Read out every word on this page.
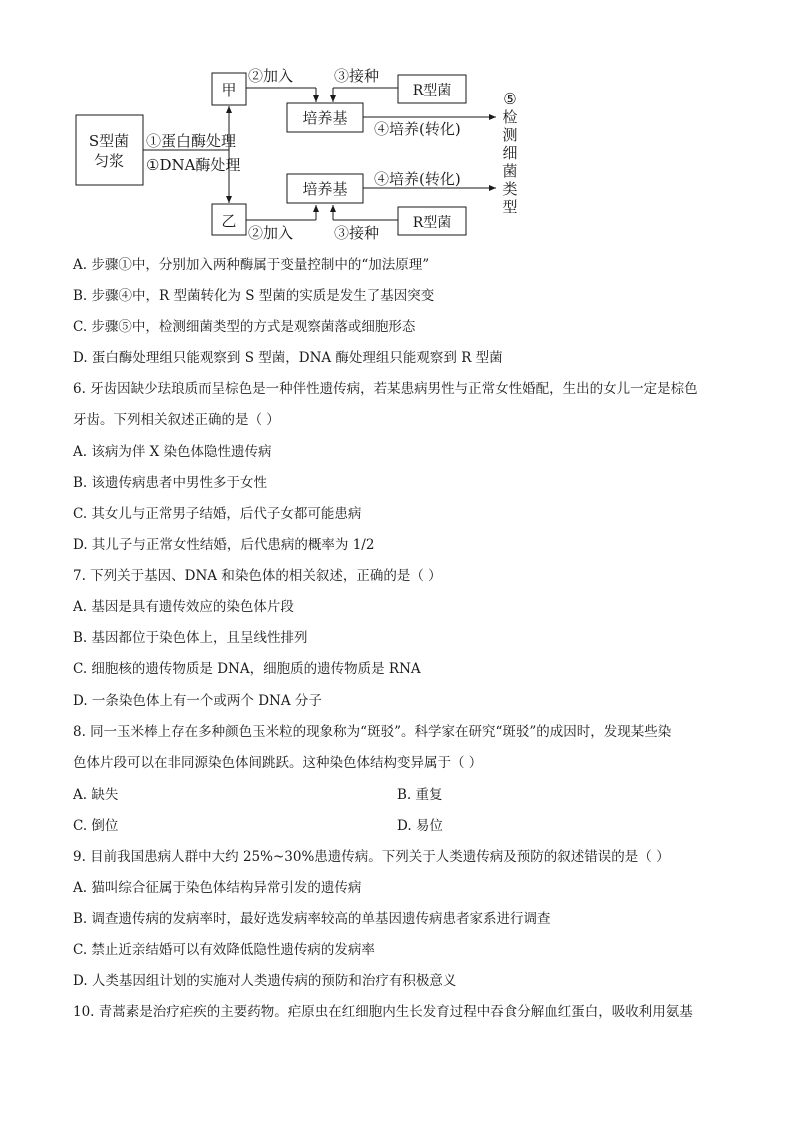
S型菌
匀浆
①蛋白酶处理
①DNA酶处理
甲
乙
②加入	③接种
R型菌
培养基
④培养(转化)
培养基
④培养(转化)
②加入	③接种
R型菌
⑤
检
测
细
菌
类
型
A. 步骤①中，分别加入两种酶属于变量控制中的“加法原理”
B. 步骤④中，R 型菌转化为 S 型菌的实质是发生了基因突变
C. 步骤⑤中，检测细菌类型的方式是观察菌落或细胞形态
D. 蛋白酶处理组只能观察到 S 型菌，DNA 酶处理组只能观察到 R 型菌
6. 牙齿因缺少珐琅质而呈棕色是一种伴性遗传病，若某患病男性与正常女性婚配，生出的女儿一定是棕色
牙齿。下列相关叙述正确的是（ ）
A. 该病为伴 X 染色体隐性遗传病
B. 该遗传病患者中男性多于女性
C. 其女儿与正常男子结婚，后代子女都可能患病
D. 其儿子与正常女性结婚，后代患病的概率为 1/2
7. 下列关于基因、DNA 和染色体的相关叙述，正确的是（ ）
A. 基因是具有遗传效应的染色体片段
B. 基因都位于染色体上，且呈线性排列
C. 细胞核的遗传物质是 DNA，细胞质的遗传物质是 RNA
D. 一条染色体上有一个或两个 DNA 分子
8. 同一玉米棒上存在多种颜色玉米粒的现象称为“斑驳”。科学家在研究“斑驳”的成因时，发现某些染
色体片段可以在非同源染色体间跳跃。这种染色体结构变异属于（ ）
A. 缺失	B. 重复
C. 倒位	D. 易位
9. 目前我国患病人群中大约 25%~30%患遗传病。下列关于人类遗传病及预防的叙述错误的是（ ）
A. 猫叫综合征属于染色体结构异常引发的遗传病
B. 调查遗传病的发病率时，最好选发病率较高的单基因遗传病患者家系进行调查
C. 禁止近亲结婚可以有效降低隐性遗传病的发病率
D. 人类基因组计划的实施对人类遗传病的预防和治疗有积极意义
10. 青蒿素是治疗疟疾的主要药物。疟原虫在红细胞内生长发育过程中吞食分解血红蛋白，吸收利用氨基
